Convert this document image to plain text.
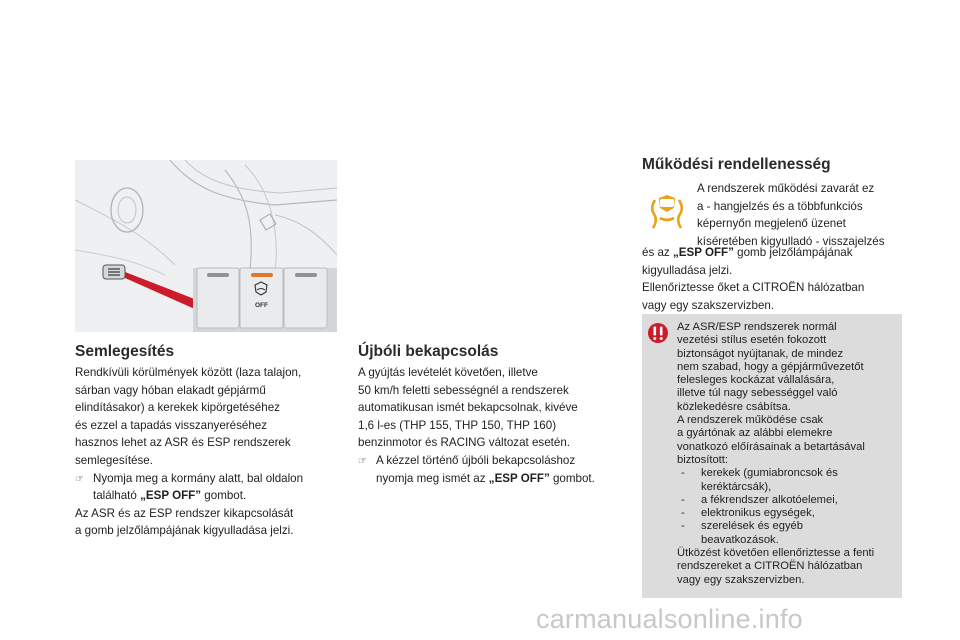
OFF
Semlegesítés

Rendkívüli körülmények között (laza talajon,

sárban vagy hóban elakadt gépjármű

elindításakor) a kerekek kipörgetéséhez

és ezzel a tapadás visszanyeréséhez

hasznos lehet az ASR és ESP rendszerek

semlegesítése.

☞ Nyomja meg a kormány alatt, bal oldalon

található „ESP OFF” gombot.

Az ASR és az ESP rendszer kikapcsolását

a gomb jelzőlámpájának kigyulladása jelzi.

Újbóli bekapcsolás

A gyújtás levételét követően, illetve

50 km/h feletti sebességnél a rendszerek

automatikusan ismét bekapcsolnak, kivéve

1,6 l-es (THP 155, THP 150, THP 160)

benzinmotor és RACING változat esetén.

☞ A kézzel történő újbóli bekapcsoláshoz

nyomja meg ismét az „ESP OFF” gombot.

Működési rendellenesség

A rendszerek működési zavarát ez

a - hangjelzés és a többfunkciós

képernyőn megjelenő üzenet

kíséretében kigyulladó - visszajelzés

és az „ESP OFF” gomb jelzőlámpájának

kigyulladása jelzi.

Ellenőriztesse őket a CITROËN hálózatban

vagy egy szakszervizben.

Az ASR/ESP rendszerek normál

vezetési stílus esetén fokozott

biztonságot nyújtanak, de mindez

nem szabad, hogy a gépjárművezetőt

felesleges kockázat vállalására,

illetve túl nagy sebességgel való

közlekedésre csábítsa.

A rendszerek működése csak

a gyártónak az alábbi elemekre

vonatkozó előírásainak a betartásával

biztosított:

-	kerekek (gumiabroncsok és

keréktárcsák),

-	a fékrendszer alkotóelemei,

-	elektronikus egységek,

-	szerelések és egyéb

beavatkozások.

Ütközést követően ellenőriztesse a fenti

rendszereket a CITROËN hálózatban

vagy egy szakszervizben.

carmanualsonline.info
